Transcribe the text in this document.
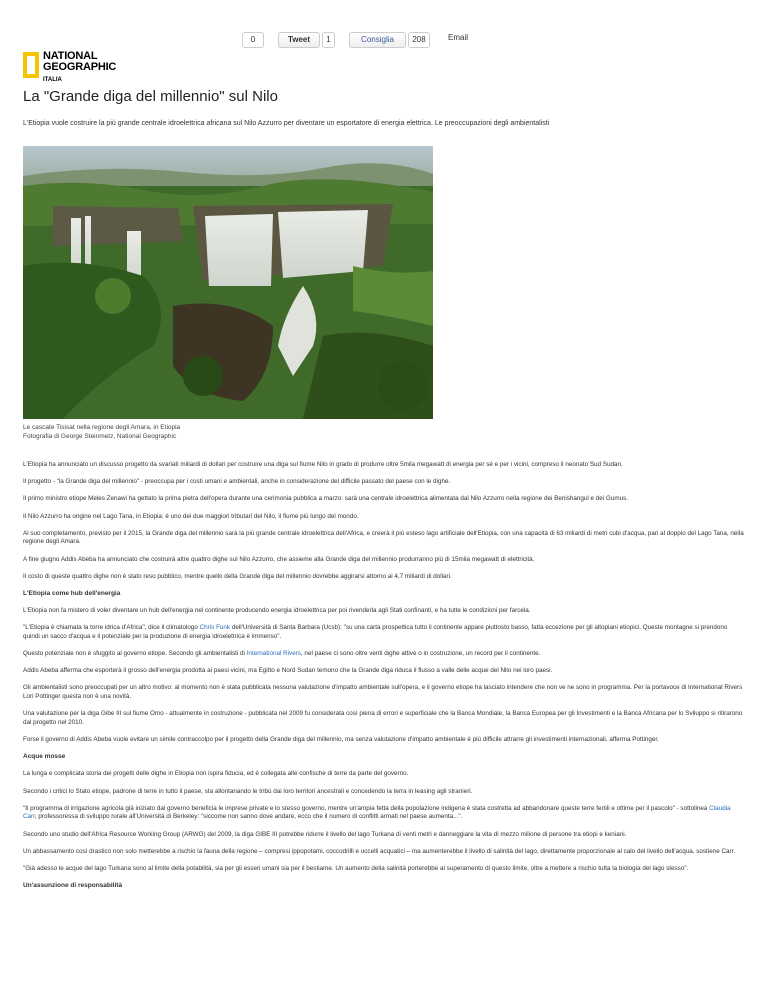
0	Tweet	1	Consiglia	208	Email
NATIONAL
GEOGRAPHIC
ITALIA
La "Grande diga del millennio" sul Nilo

L'Etiopia vuole costruire la più grande centrale idroelettrica africana sul Nilo Azzurro per diventare un esportatore di energia elettrica. Le preoccupazioni degli ambientalisti

Le cascate Tisisat nella regione degli Amara, in Etiopia
Fotografia di George Steinmetz, National Geographic

L'Etiopia ha annunciato un discusso progetto da svariati miliardi di dollari per costruire una diga sul fiume Nilo in grado di produrre oltre 5mila megawatt di energia per sé e per i vicini, compreso il neonato Sud Sudan.

Il progetto - "la Grande diga del millennio" - preoccupa per i costi umani e ambientali, anche in considerazione del difficile passato del paese con le dighe.

Il primo ministro etiope Meles Zenawi ha gettato la prima pietra dell'opera durante una cerimonia pubblica a marzo: sarà una centrale idroelettrica alimentata dal Nilo Azzurro nella regione dei Benishangul e dei Gumus.

Il Nilo Azzurro ha origine nel Lago Tana, in Etiopia: è uno dei due maggiori tributari del Nilo, il fiume più lungo del mondo.

Al suo completamento, previsto per il 2015, la Grande diga del millennio sarà la più grande centrale idroelettrica dell'Africa, e creerà il più esteso lago artificiale dell'Etiopia, con una capacità di 63 miliardi di metri cubi d'acqua, pari al doppio del Lago Tana, nella regione degli Amara.

A fine giugno Addis Abeba ha annunciato che costruirà altre quattro dighe sul Nilo Azzurro, che assieme alla Grande diga del millennio produrranno più di 15mila megawatt di elettricità.

Il costo di queste quattro dighe non è stato reso pubblico, mentre quello della Grande diga del millennio dovrebbe aggirarsi attorno ai 4,7 miliardi di dollari.

L'Etiopia come hub dell'energia

L'Etiopia non fa mistero di voler diventare un hub dell'energia nel continente producendo energia idroelettrica per poi rivenderla agli Stati confinanti, e ha tutte le condizioni per farcela.

"L'Etiopia è chiamata la torre idrica d'Africa", dice il climatologo Chris Funk dell'Università di Santa Barbara (Ucsb): "su una carta prospettica tutto il continente appare piuttosto basso, fatta eccezione per gli altopiani etiopici. Queste montagne si prendono quindi un sacco d'acqua e il potenziale per la produzione di energia idroelettrica è immenso".

Questo potenziale non è sfuggito al governo etiope. Secondo gli ambientalisti di International Rivers, nel paese ci sono oltre venti dighe attive o in costruzione, un record per il continente.

Addis Abeba afferma che esporterà il grosso dell'energia prodotta ai paesi vicini, ma Egitto e Nord Sudan temono che la Grande diga riduca il flusso a valle delle acque del Nilo nei loro paesi.

Gli ambientalisti sono preoccupati per un altro motivo: al momento non è stata pubblicata nessuna valutazione d'impatto ambientale sull'opera, e il governo etiope ha lasciato intendere che non ve ne sono in programma. Per la portavoce di International Rivers Lori Pottinger questa non è una novità.

Una valutazione per la diga Gibe III sul fiume Omo - attualmente in costruzione - pubblicata nel 2009 fu considerata così piena di errori e superficiale che la Banca Mondiale, la Banca Europea per gli Investimenti e la Banca Africana per lo Sviluppo si ritirarono dal progetto nel 2010.

Forse il governo di Addis Abeba vuole evitare un simile contraccolpo per il progetto della Grande diga del millennio, ma senza valutazione d'impatto ambientale è più difficile attrarre gli investimenti internazionali, afferma Pottinger.

Acque mosse

La lunga e complicata storia dei progetti delle dighe in Etiopia non ispira fiducia, ed è collegata alle confische di terre da parte del governo.

Secondo i critici lo Stato etiope, padrone di terre in tutto il paese, sta allontanando le tribù dai loro territori ancestrali e concedendo la terra in leasing agli stranieri.

"Il programma di irrigazione agricola già iniziato dal governo beneficia le imprese private e lo stesso governo, mentre un'ampia fetta della popolazione indigena è stata costretta ad abbandonare queste terre fertili e ottime per il pascolo" - sottolinea Claudia Carr, professoressa di sviluppo rurale all'Università di Berkeley: "siccome non sanno dove andare, ecco che il numero di conflitti armati nel paese aumenta...".

Secondo uno studio dell'Africa Resource Working Group (ARWG) del 2009, la diga GIBE III potrebbe ridurre il livello del lago Turkana di venti metri e danneggiare la vita di mezzo milione di persone tra etiopi e keniani.

Un abbassamento così drastico non solo metterebbe a rischio la fauna della regione – compresi ippopotami, coccodrilli e uccelli acquatici – ma aumenterebbe il livello di salinità del lago, direttamente proporzionale al calo del livello dell'acqua, sostiene Carr.

"Già adesso le acque del lago Turkana sono al limite della potabilità, sia per gli esseri umani sia per il bestiame. Un aumento della salinità porterebbe al superamento di questo limite, oltre a mettere a rischio tutta la biologia del lago stesso".

Un'assunzione di responsabilità
